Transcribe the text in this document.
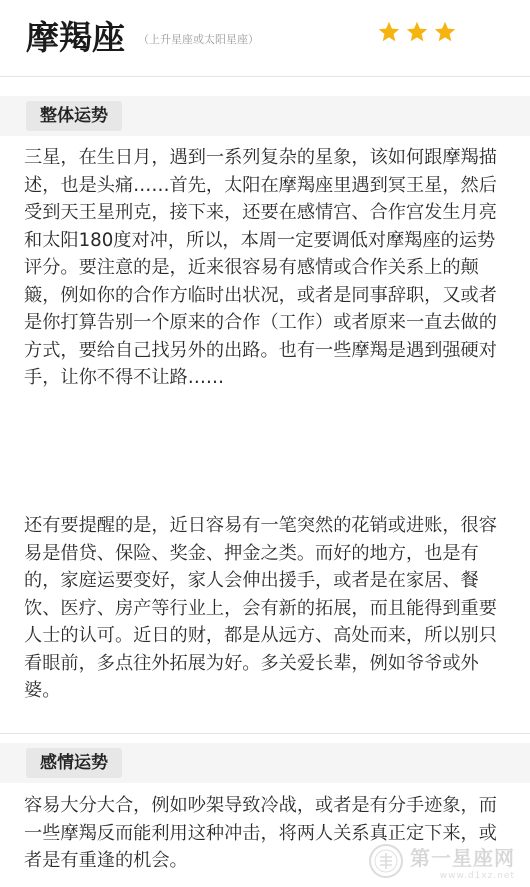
摩羯座 （上升星座或太阳星座）
整体运势
三星，在生日月，遇到一系列复杂的星象，该如何跟摩羯描述，也是头痛……首先，太阳在摩羯座里遇到冥王星，然后受到天王星刑克，接下来，还要在感情宫、合作宫发生月亮和太阳180度对冲，所以，本周一定要调低对摩羯座的运势评分。要注意的是，近来很容易有感情或合作关系上的颠簸，例如你的合作方临时出状况，或者是同事辞职，又或者是你打算告别一个原来的合作（工作）或者原来一直去做的方式，要给自己找另外的出路。也有一些摩羯是遇到强硬对手，让你不得不让路……
还有要提醒的是，近日容易有一笔突然的花销或进账，很容易是借贷、保险、奖金、押金之类。而好的地方，也是有的，家庭运要变好，家人会伸出援手，或者是在家居、餐饮、医疗、房产等行业上，会有新的拓展，而且能得到重要人士的认可。近日的财，都是从远方、高处而来，所以别只看眼前，多点往外拓展为好。多关爱长辈，例如爷爷或外婆。
感情运势
容易大分大合，例如吵架导致冷战，或者是有分手迹象，而一些摩羯反而能利用这种冲击，将两人关系真正定下来，或者是有重逢的机会。	第一星座网
www.d1xz.net
